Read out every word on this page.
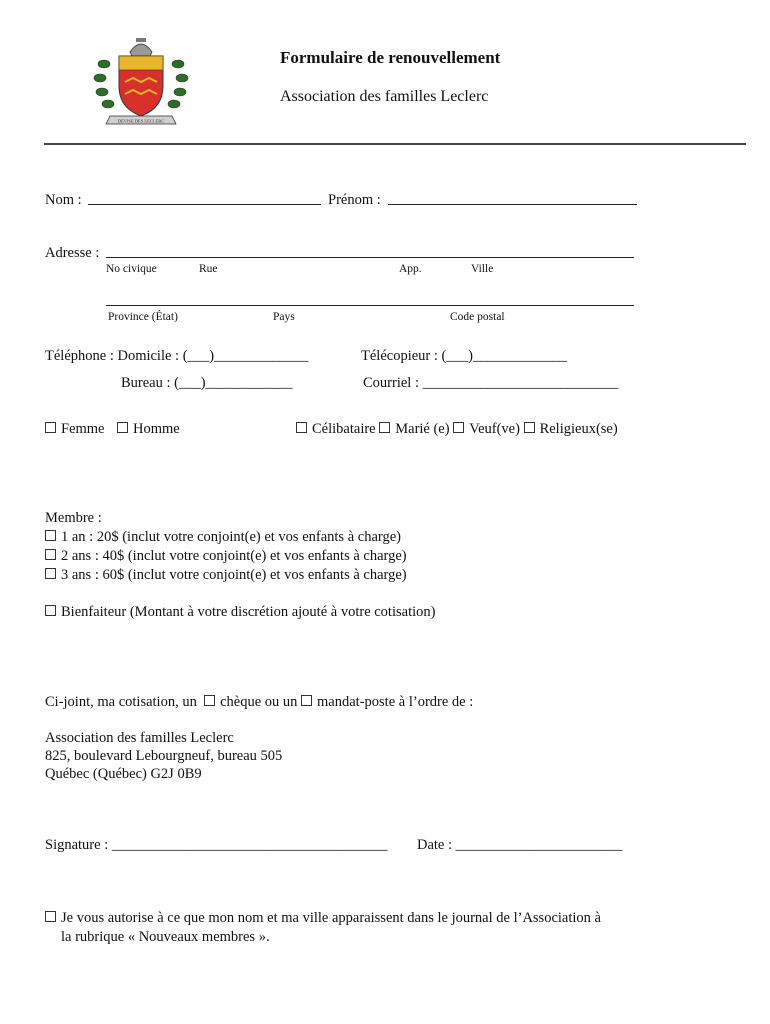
DEVISE DES LECLERC
Formulaire de renouvellement
Association des familles Leclerc
Nom :	Prénom :
Adresse :
No civique	Rue	App.	Ville
Province (État)	Pays	Code postal
Téléphone : Domicile : (___)_____________	Télécopieur : (___)_____________
Bureau : (___)____________	Courriel : ___________________________
Femme	Homme	Célibataire Marié (e) Veuf(ve) Religieux(se)
Membre :
1 an : 20$ (inclut votre conjoint(e) et vos enfants à charge)
2 ans : 40$ (inclut votre conjoint(e) et vos enfants à charge)
3 ans : 60$ (inclut votre conjoint(e) et vos enfants à charge)
Bienfaiteur (Montant à votre discrétion ajouté à votre cotisation)
Ci-joint, ma cotisation, un chèque ou un mandat-poste à l’ordre de :
Association des familles Leclerc
825, boulevard Lebourgneuf, bureau 505
Québec (Québec) G2J 0B9
Signature : ______________________________________ Date : _______________________
Je vous autorise à ce que mon nom et ma ville apparaissent dans le journal de l’Association à
la rubrique « Nouveaux membres ».
